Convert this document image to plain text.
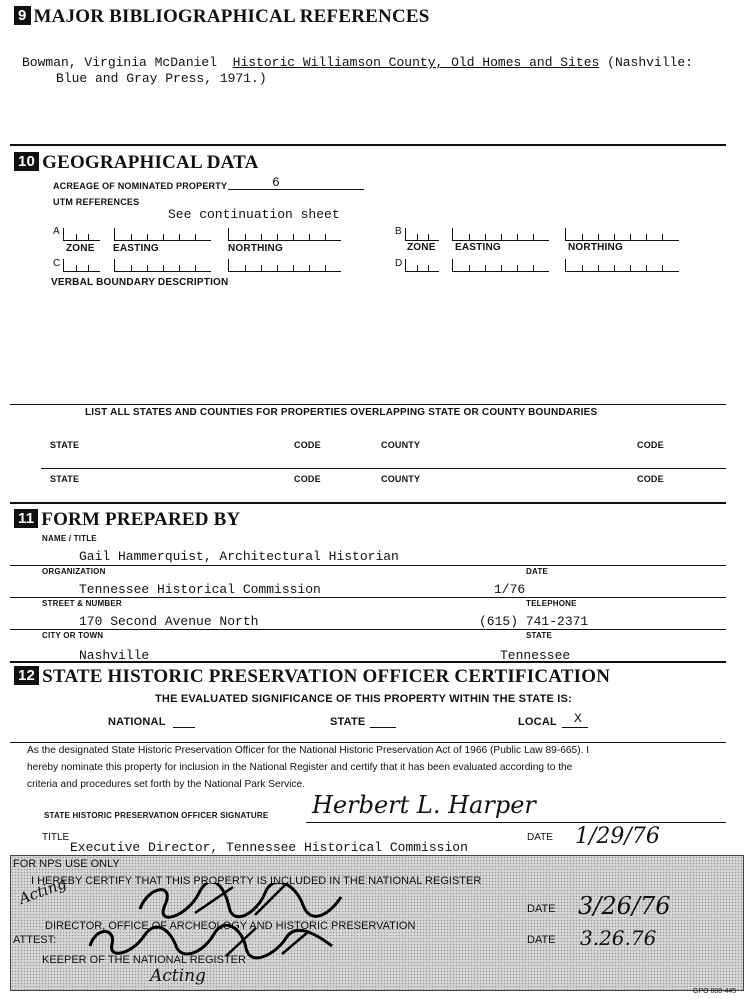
9 MAJOR BIBLIOGRAPHICAL REFERENCES
Bowman, Virginia McDaniel Historic Williamson County, Old Homes and Sites (Nashville:
Blue and Gray Press, 1971.)
10 GEOGRAPHICAL DATA
ACREAGE OF NOMINATED PROPERTY	6
UTM REFERENCES
See continuation sheet
A	B
ZONE EASTING	NORTHING	ZONE EASTING	NORTHING
C	D
VERBAL BOUNDARY DESCRIPTION
LIST ALL STATES AND COUNTIES FOR PROPERTIES OVERLAPPING STATE OR COUNTY BOUNDARIES
STATE	CODE	COUNTY	CODE
STATE	CODE	COUNTY	CODE
11 FORM PREPARED BY
NAME / TITLE
Gail Hammerquist, Architectural Historian
ORGANIZATION	DATE
Tennessee Historical Commission	1/76
STREET & NUMBER	TELEPHONE
170 Second Avenue North	(615) 741-2371
CITY OR TOWN	STATE
Nashville	Tennessee
12 STATE HISTORIC PRESERVATION OFFICER CERTIFICATION
THE EVALUATED SIGNIFICANCE OF THIS PROPERTY WITHIN THE STATE IS:
NATIONAL	STATE	LOCAL X
As the designated State Historic Preservation Officer for the National Historic Preservation Act of 1966 (Public Law 89-665). I
hereby nominate this property for inclusion in the National Register and certify that it has been evaluated according to the
criteria and procedures set forth by the National Park Service.
STATE HISTORIC PRESERVATION OFFICER SIGNATURE Herbert L. Harper
TITLE
Executive Director, Tennessee Historical Commission
DATE 1/29/76
FOR NPS USE ONLY
I HEREBY CERTIFY THAT THIS PROPERTY IS INCLUDED IN THE NATIONAL REGISTER
Acting
DIRECTOR, OFFICE OF ARCHEOLOGY AND HISTORIC PRESERVATION
DATE 3/26/76
ATTEST:	DATE 3.26.76
KEEPER OF THE NATIONAL REGISTER
Acting
GPO 888-445
